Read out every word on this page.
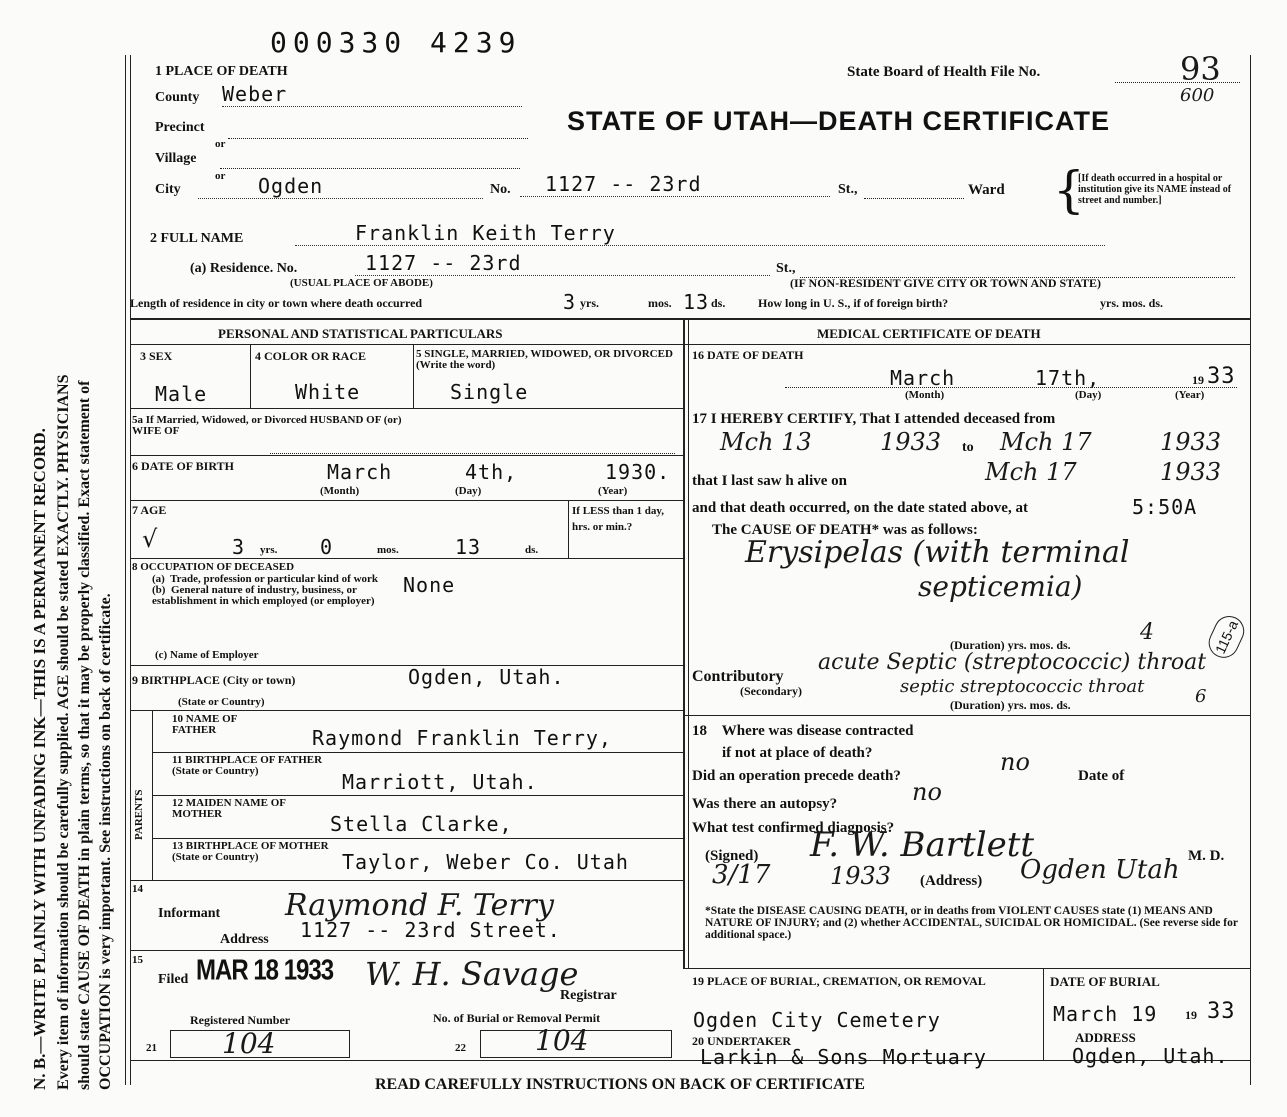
N. B.—WRITE PLAINLY WITH UNFADING INK—THIS IS A PERMANENT RECORD. Every item of information should be carefully supplied. AGE should be stated EXACTLY. PHYSICIANS should state CAUSE OF DEATH in plain terms, so that it may be properly classified. Exact statement of OCCUPATION is very important. See instructions on back of certificate.
000330 4239
1 PLACE OF DEATH	State Board of Health File No.	93
600
STATE OF UTAH—DEATH CERTIFICATE
County Weber
Precinct
or
Village
or
City	Ogden	No.	1127 -- 23rd	St.,	Ward {
[If death occurred in a hospital or institution give its NAME instead of street and number.]
2 FULL NAME	Franklin Keith Terry
(a) Residence. No.	1127 -- 23rd	St.,
(USUAL PLACE OF ABODE)	(IF NON-RESIDENT GIVE CITY OR TOWN AND STATE)
Length of residence in city or town where death occurred	3 yrs.	mos. 13 ds.	How long in U. S., if of foreign birth?	yrs. mos. ds.
PERSONAL AND STATISTICAL PARTICULARS
3 SEX
Male
4 COLOR OR RACE
White
5 SINGLE, MARRIED, WIDOWED, OR DIVORCED (Write the word)
Single
5a If Married, Widowed, or Divorced HUSBAND OF (or) WIFE OF
6 DATE OF BIRTH	March	4th,	1930.
(Month)	(Day)	(Year)
7 AGE
√	3 yrs. 0	mos.	13	ds.
If LESS than 1 day, hrs. or min.?
8 OCCUPATION OF DECEASED
(a)  Trade, profession or particular kind of work
(b)  General nature of industry, business, or establishment in which employed (or employer)
None
(c) Name of Employer
9 BIRTHPLACE (City or town)	Ogden, Utah.
(State or Country)
PARENTS
10 NAME OF FATHER	Raymond Franklin Terry,
11 BIRTHPLACE OF FATHER (State or Country)	Marriott, Utah.
12 MAIDEN NAME OF MOTHER	Stella Clarke,
13 BIRTHPLACE OF MOTHER (State or Country)	Taylor, Weber Co. Utah
14
Informant Raymond F. Terry
Address 1127 -- 23rd Street.
15
Filed MAR 18 1933 W. H. Savage
Registrar
Registered Number	No. of Burial or Removal Permit
21 104	22 104
MEDICAL CERTIFICATE OF DEATH
16 DATE OF DEATH
March	17th,	19 33
(Month)	(Day)	(Year)
17 I HEREBY CERTIFY, That I attended deceased from
Mch 13	1933 to Mch 17	1933
that I last saw h alive on	Mch 17	1933
and that death occurred, on the date stated above, at	5:50A
The CAUSE OF DEATH* was as follows:
Erysipelas (with terminal
septicemia)
(Duration) yrs. mos. ds.	4	115-a
Contributory
(Secondary)
acute Septic (streptococcic) throat
septic streptococcic throat
(Duration) yrs. mos. ds.	6
18    Where was disease contracted
if not at place of death?
Did an operation precede death?	no	Date of
Was there an autopsy?	no
What test confirmed diagnosis?
(Signed) F. W. Bartlett	M. D.
3/17 1933 (Address) Ogden Utah
*State the DISEASE CAUSING DEATH, or in deaths from VIOLENT CAUSES state (1) MEANS AND NATURE OF INJURY; and (2) whether ACCIDENTAL, SUICIDAL OR HOMICIDAL. (See reverse side for additional space.)
19 PLACE OF BURIAL, CREMATION, OR REMOVAL
Ogden City Cemetery
DATE OF BURIAL
March 19 19 33
20 UNDERTAKER
Larkin & Sons Mortuary
ADDRESS
Ogden, Utah.
READ CAREFULLY INSTRUCTIONS ON BACK OF CERTIFICATE
